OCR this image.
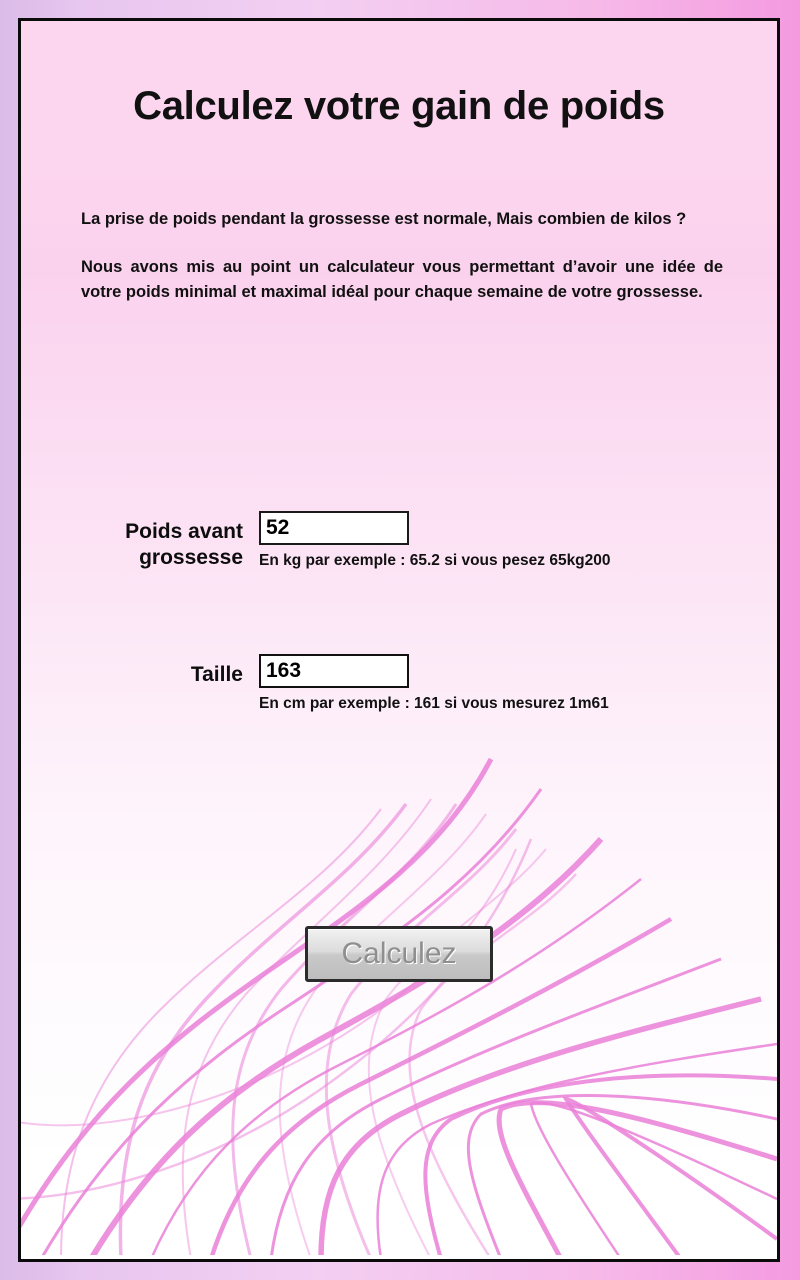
Calculez votre gain de poids

La prise de poids pendant la grossesse est normale, Mais combien de kilos ?

Nous avons mis au point un calculateur vous permettant d’avoir une idée de votre poids minimal et maximal idéal pour chaque semaine de votre grossesse.

Poids avant grossesse
52	En kg par exemple : 65.2 si vous pesez 65kg200
Taille
163
En cm par exemple : 161 si vous mesurez 1m61
Calculez
